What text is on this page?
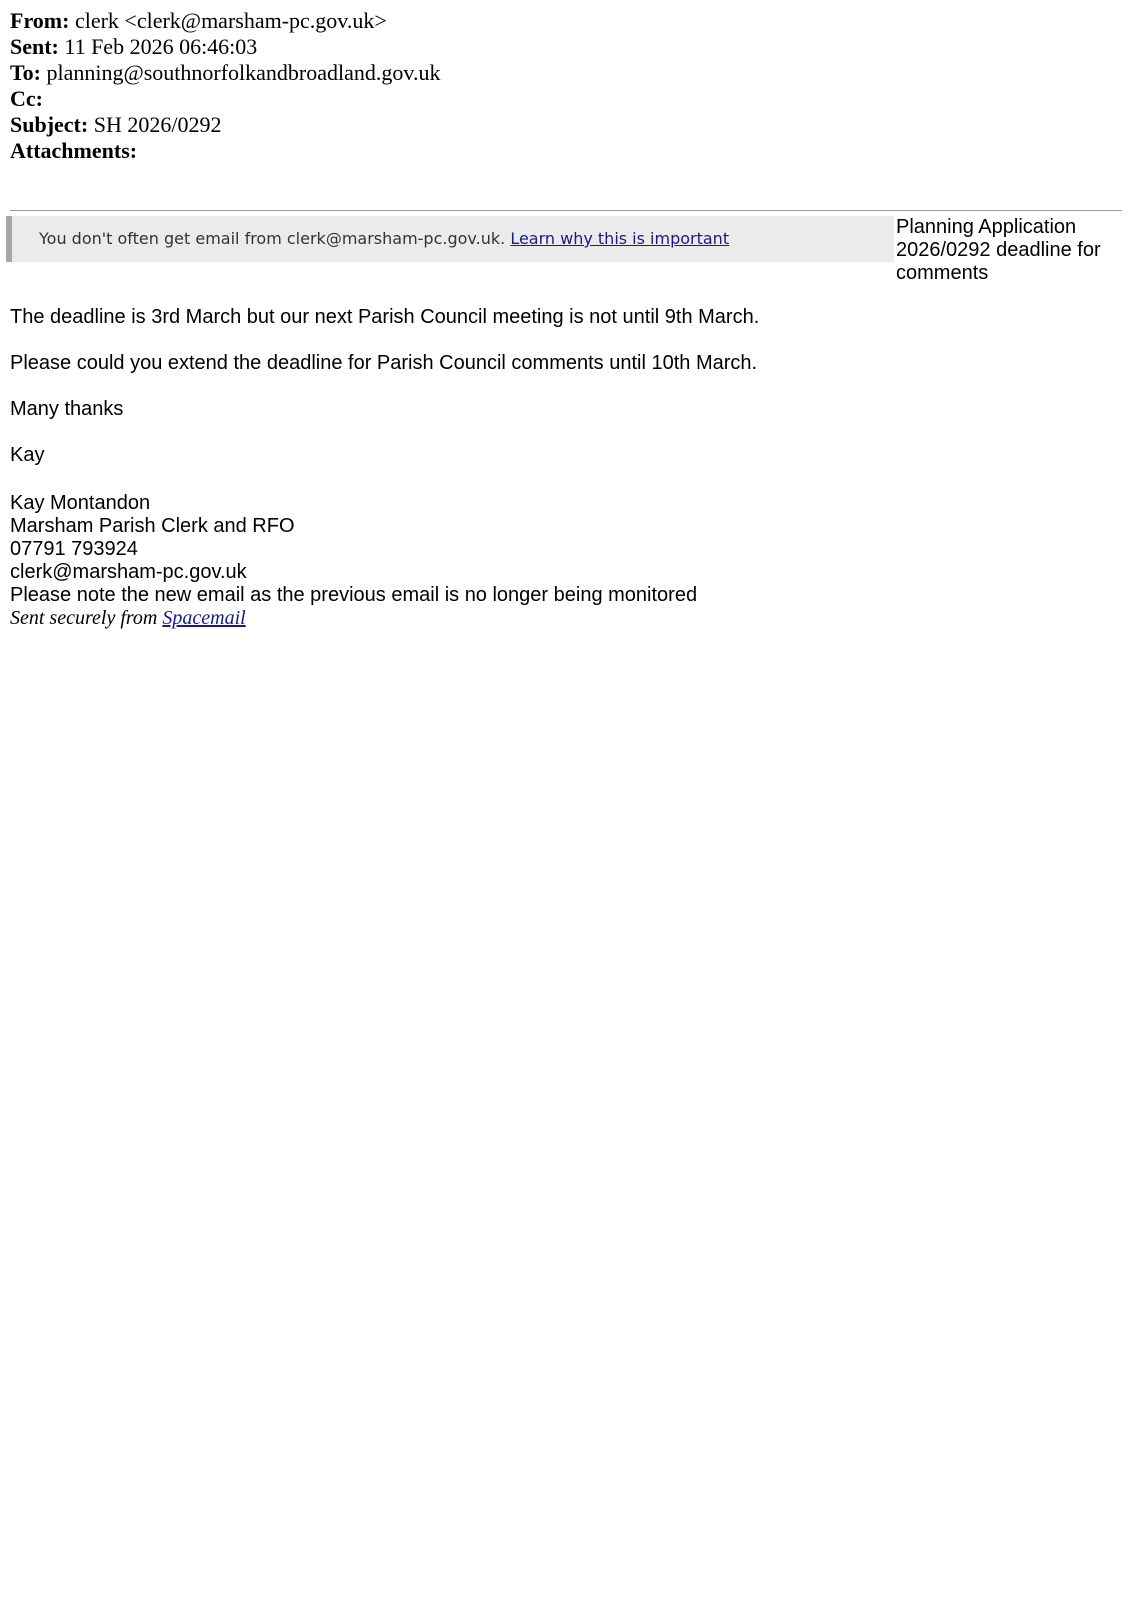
From: clerk <clerk@marsham-pc.gov.uk>
Sent: 11 Feb 2026 06:46:03
To: planning@southnorfolkandbroadland.gov.uk
Cc:
Subject: SH 2026/0292
Attachments:
You don't often get email from clerk@marsham-pc.gov.uk. Learn why this is important
Planning Application 2026/0292 deadline for comments

The deadline is 3rd March but our next Parish Council meeting is not until 9th March.

Please could you extend the deadline for Parish Council comments until 10th March.

Many thanks

Kay

Kay Montandon
Marsham Parish Clerk and RFO
07791 793924
clerk@marsham-pc.gov.uk
Please note the new email as the previous email is no longer being monitored
Sent securely from Spacemail
